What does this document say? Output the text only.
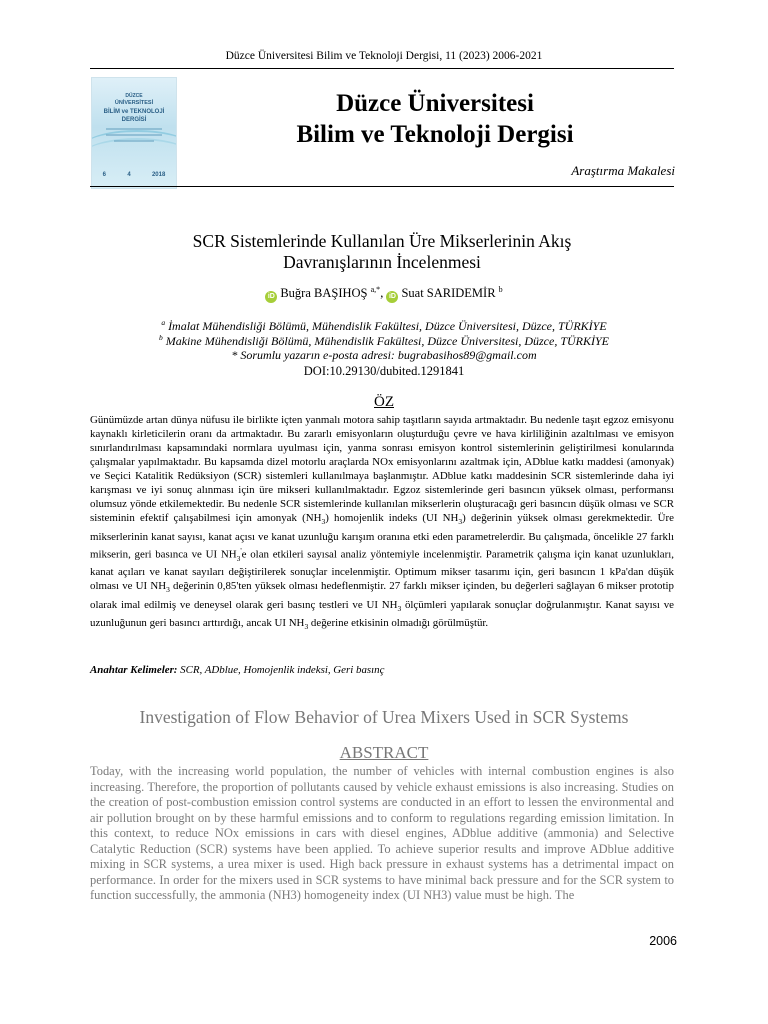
Düzce Üniversitesi Bilim ve Teknoloji Dergisi, 11 (2023) 2006-2021
DÜZCE
ÜNİVERSİTESİ
BİLİM ve TEKNOLOJİ
DERGİSİ
6	4	2018
Düzce Üniversitesi
Bilim ve Teknoloji Dergisi
Araştırma Makalesi
SCR Sistemlerinde Kullanılan Üre Mikserlerinin Akış
Davranışlarının İncelenmesi
iD Buğra BAŞIHOŞ $^{a,*}$, iD Suat SARIDEMİR $^b$
$^a$ İmalat Mühendisliği Bölümü, Mühendislik Fakültesi, Düzce Üniversitesi, Düzce, TÜRKİYE
$^b$ Makine Mühendisliği Bölümü, Mühendislik Fakültesi, Düzce Üniversitesi, Düzce, TÜRKİYE
* Sorumlu yazarın e-posta adresi: bugrabasihos89@gmail.com
DOI:10.29130/dubited.1291841
ÖZ
Günümüzde artan dünya nüfusu ile birlikte içten yanmalı motora sahip taşıtların sayıda artmaktadır. Bu nedenle taşıt egzoz emisyonu kaynaklı kirleticilerin oranı da artmaktadır. Bu zararlı emisyonların oluşturduğu çevre ve hava kirliliğinin azaltılması ve emisyon sınırlandırılması kapsamındaki normlara uyulması için, yanma sonrası emisyon kontrol sistemlerinin geliştirilmesi konularında çalışmalar yapılmaktadır. Bu kapsamda dizel motorlu araçlarda NOx emisyonlarını azaltmak için, ADblue katkı maddesi (amonyak) ve Seçici Katalitik Redüksiyon (SCR) sistemleri kullanılmaya başlanmıştır. ADblue katkı maddesinin SCR sistemlerinde daha iyi karışması ve iyi sonuç alınması için üre mikseri kullanılmaktadır. Egzoz sistemlerinde geri basıncın yüksek olması, performansı olumsuz yönde etkilemektedir. Bu nedenle SCR sistemlerinde kullanılan mikserlerin oluşturacağı geri basıncın düşük olması ve SCR sisteminin efektif çalışabilmesi için amonyak $(NH_3)$ homojenlik indeks (UI $NH_3$) değerinin yüksek olması gerekmektedir. Üre mikserlerinin kanat sayısı, kanat açısı ve kanat uzunluğu karışım oranına etki eden parametrelerdir. Bu çalışmada, öncelikle 27 farklı mikserin, geri basınca ve UI $NH_3'e$ olan etkileri sayısal analiz yöntemiyle incelenmiştir. Parametrik çalışma için kanat uzunlukları, kanat açıları ve kanat sayıları değiştirilerek sonuçlar incelenmiştir. Optimum mikser tasarımı için, geri basıncın 1 kPa'dan düşük olması ve UI $NH_3$ değerinin 0,85'ten yüksek olması hedeflenmiştir. 27 farklı mikser içinden, bu değerleri sağlayan 6 mikser prototip olarak imal edilmiş ve deneysel olarak geri basınç testleri ve UI $NH_3$ ölçümleri yapılarak sonuçlar doğrulanmıştır. Kanat sayısı ve uzunluğunun geri basıncı arttırdığı, ancak UI $NH_3$ değerine etkisinin olmadığı görülmüştür.
Anahtar Kelimeler: SCR, ADblue, Homojenlik indeksi, Geri basınç
Investigation of Flow Behavior of Urea Mixers Used in SCR Systems
ABSTRACT
Today, with the increasing world population, the number of vehicles with internal combustion engines is also increasing. Therefore, the proportion of pollutants caused by vehicle exhaust emissions is also increasing. Studies on the creation of post-combustion emission control systems are conducted in an effort to lessen the environmental and air pollution brought on by these harmful emissions and to conform to regulations regarding emission limitation. In this context, to reduce NOx emissions in cars with diesel engines, ADblue additive (ammonia) and Selective Catalytic Reduction (SCR) systems have been applied. To achieve superior results and improve ADblue additive mixing in SCR systems, a urea mixer is used. High back pressure in exhaust systems has a detrimental impact on performance. In order for the mixers used in SCR systems to have minimal back pressure and for the SCR system to function successfully, the ammonia (NH3) homogeneity index (UI NH3) value must be high. The
2006
